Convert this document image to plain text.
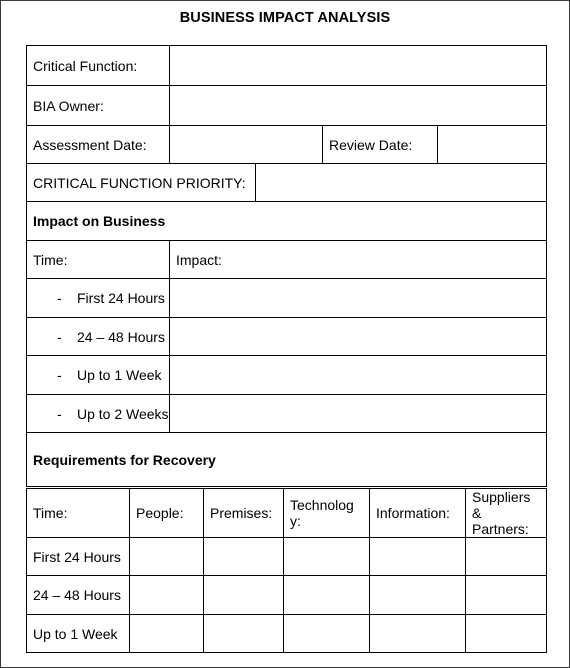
BUSINESS IMPACT ANALYSIS
Critical Function:				
BIA Owner:				
Assessment Date:			Review Date:	
CRITICAL FUNCTION PRIORITY:				
Impact on Business				
Time:	Impact:			
- First 24 Hours				
- 24 – 48 Hours				
- Up to 1 Week				
- Up to 2 Weeks				
Requirements for Recovery				
Time:	People:	Premises:	Technolog y:	Information:	Suppliers & Partners:
First 24 Hours					
24 – 48 Hours					
Up to 1 Week					
